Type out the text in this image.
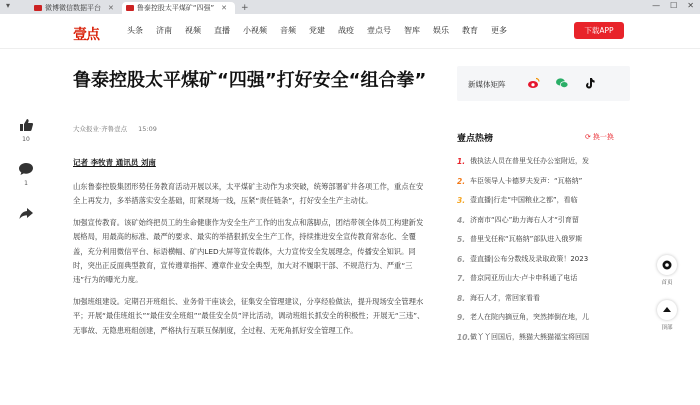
▾	微博微信数据平台 ✕	鲁泰控股太平煤矿“四强” ✕	+	— ☐ ✕
壹点	头条 济南 视频 直播 小视频 音频 党建 战疫 壹点号 智库 娱乐 教育 更多	下载APP
10
1
鲁泰控股太平煤矿“四强”打好安全“组合拳”
大众报业·齐鲁壹点 15:09
记者 李牧青 通讯员 刘南

山东鲁泰控股集团形势任务教育活动开展以来，太平煤矿主动作为求突破，统筹部署矿井各项工作，重点在安全上再发力，多举措落实安全基础，盯紧现场一线，压紧“责任链条”，打好安全生产主动仗。

加强宣传教育。该矿始终把员工的生命健康作为安全生产工作的出发点和落脚点，团结带领全体员工构建新发展格局，用最高的标准、最严的要求、最实的举措狠抓安全生产工作，持续推进安全宣传教育常态化、全覆盖，充分利用微信平台、标语横幅、矿内LED大屏等宣传载体，大力宣传安全发展理念，传播安全知识。同时，突出正反面典型教育，宣传遵章指挥、遵章作业安全典型，加大对不履职干部、不规范行为、严重“三违”行为的曝光力度。

加强班组建设。定期召开班组长、业务骨干座谈会，征集安全管理建议，分享经验做法，提升现场安全管理水平；开展“最佳班组长”“最佳安全班组”“最佳安全员”评比活动，调动班组长抓安全的积极性；开展无“三违”、无事故、无隐患班组创建，严格执行互联互保制度，全过程、无死角抓好安全管理工作。

新媒体矩阵
壹点热榜	⟳ 换一换
1. 俄执法人员在普里戈任办公室附近，发
2. 车臣领导人卡德罗夫发声：“瓦格纳”
3. 壹直播|行走“中国粮业之都”，看临
4. 济南市“四心”助力海右人才“引育留
5. 普里戈任称“瓦格纳”部队进入俄罗斯
6. 壹直播|公布分数线及录取政策！2023
7. 普京同亚历山大·卢卡申科通了电话
8. 海石人才，常回家看看
9. 老人在院内摘豆角，突然摔倒在地，儿
10. 做丫丫回国后，熊猫大熊猫福宝将回国
首页
顶部
